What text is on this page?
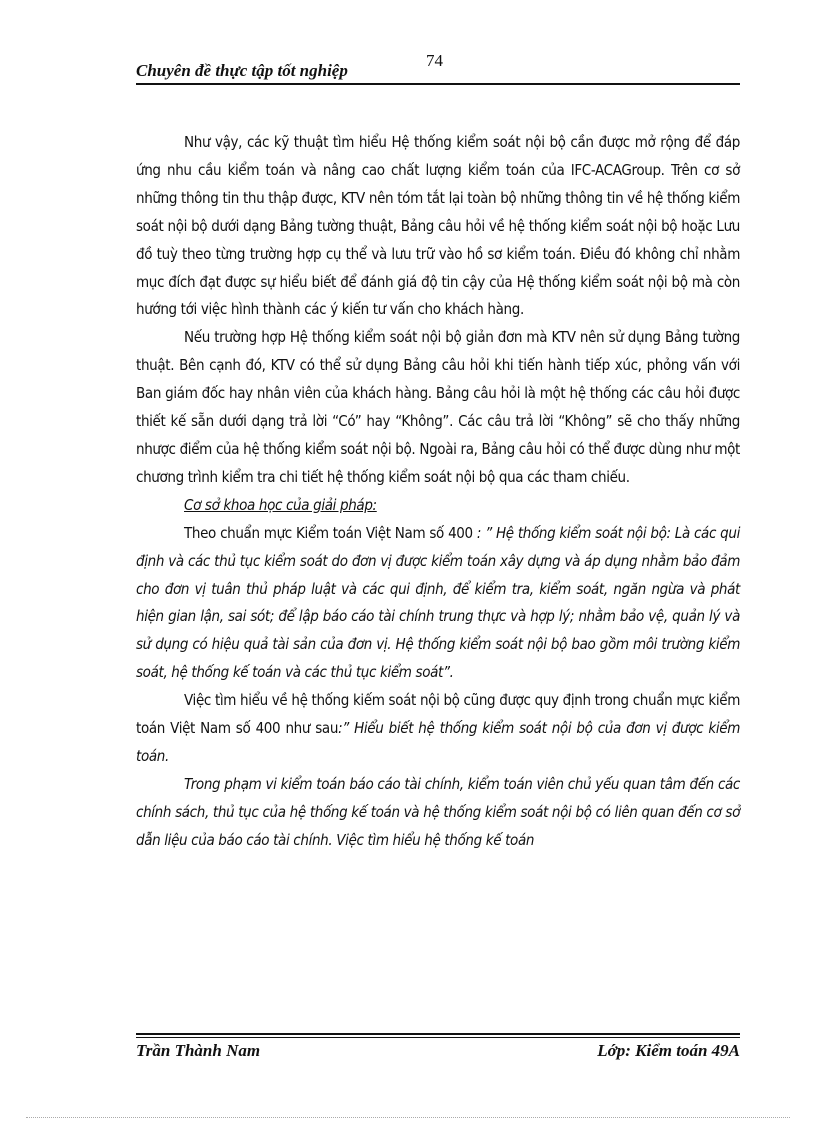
74
Chuyên đề thực tập tốt nghiệp

Như vậy, các kỹ thuật tìm hiểu Hệ thống kiểm soát nội bộ cần được mở rộng để đáp ứng nhu cầu kiểm toán và nâng cao chất lượng kiểm toán của IFC-ACAGroup. Trên cơ sở những thông tin thu thập được, KTV nên tóm tắt lại toàn bộ những thông tin về hệ thống kiểm soát nội bộ dưới dạng Bảng tường thuật, Bảng câu hỏi về hệ thống kiểm soát nội bộ hoặc Lưu đồ tuỳ theo từng trường hợp cụ thể và lưu trữ vào hồ sơ kiểm toán. Điều đó không chỉ nhằm mục đích đạt được sự hiểu biết để đánh giá độ tin cậy của Hệ thống kiểm soát nội bộ mà còn hướng tới việc hình thành các ý kiến tư vấn cho khách hàng.

Nếu trường hợp Hệ thống kiểm soát nội bộ giản đơn mà KTV nên sử dụng Bảng tường thuật. Bên cạnh đó, KTV có thể sử dụng Bảng câu hỏi khi tiến hành tiếp xúc, phỏng vấn với Ban giám đốc hay nhân viên của khách hàng. Bảng câu hỏi là một hệ thống các câu hỏi được thiết kế sẵn dưới dạng trả lời “Có” hay “Không”. Các câu trả lời “Không” sẽ cho thấy những nhược điểm của hệ thống kiểm soát nội bộ. Ngoài ra, Bảng câu hỏi có thể được dùng như một chương trình kiểm tra chi tiết hệ thống kiểm soát nội bộ qua các tham chiếu.

Cơ sở khoa học của giải pháp:

Theo chuẩn mực Kiểm toán Việt Nam số 400 : ” Hệ thống kiểm soát nội bộ: Là các qui định và các thủ tục kiểm soát do đơn vị được kiểm toán xây dựng và áp dụng nhằm bảo đảm cho đơn vị tuân thủ pháp luật và các qui định, để kiểm tra, kiểm soát, ngăn ngừa và phát hiện gian lận, sai sót; để lập báo cáo tài chính trung thực và hợp lý; nhằm bảo vệ, quản lý và sử dụng có hiệu quả tài sản của đơn vị. Hệ thống kiểm soát nội bộ bao gồm môi trường kiểm soát, hệ thống kế toán và các thủ tục kiểm soát”.

Việc tìm hiểu về hệ thống kiếm soát nội bộ cũng được quy định trong chuẩn mực kiểm toán Việt Nam số 400 như sau:” Hiểu biết hệ thống kiểm soát nội bộ của đơn vị được kiểm toán.

Trong phạm vi kiểm toán báo cáo tài chính, kiểm toán viên chủ yếu quan tâm đến các chính sách, thủ tục của hệ thống kế toán và hệ thống kiểm soát nội bộ có liên quan đến cơ sở dẫn liệu của báo cáo tài chính. Việc tìm hiểu hệ thống kế toán

Trần Thành Nam	Lớp: Kiểm toán 49A
